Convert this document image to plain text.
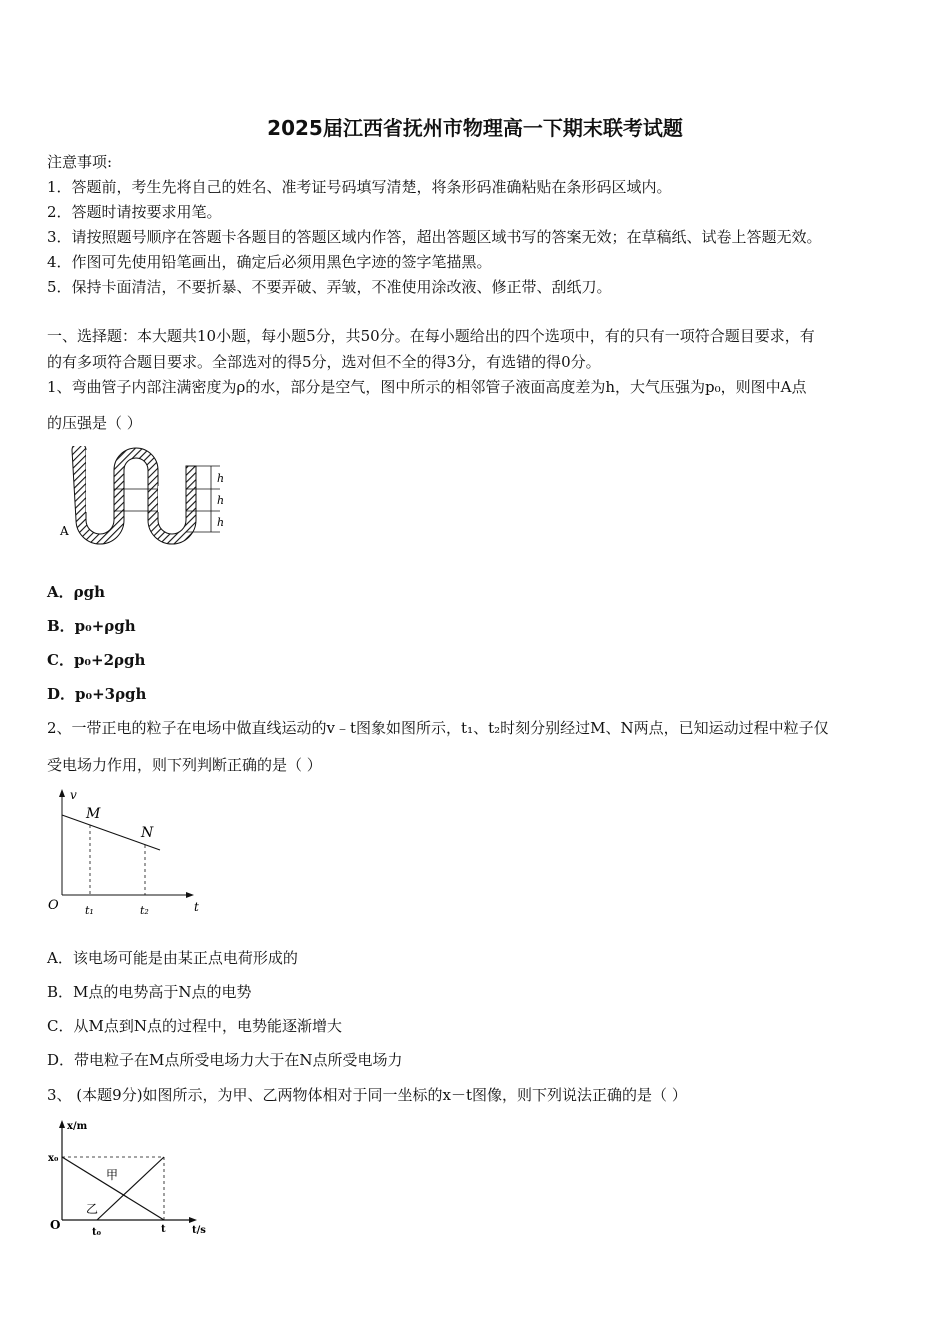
2025届江西省抚州市物理高一下期末联考试题
注意事项:
1．答题前，考生先将自己的姓名、准考证号码填写清楚，将条形码准确粘贴在条形码区域内。
2．答题时请按要求用笔。
3．请按照题号顺序在答题卡各题目的答题区域内作答，超出答题区域书写的答案无效；在草稿纸、试卷上答题无效。
4．作图可先使用铅笔画出，确定后必须用黑色字迹的签字笔描黑。
5．保持卡面清洁，不要折暴、不要弄破、弄皱，不准使用涂改液、修正带、刮纸刀。
一、选择题：本大题共10小题，每小题5分，共50分。在每小题给出的四个选项中，有的只有一项符合题目要求，有
的有多项符合题目要求。全部选对的得5分，选对但不全的得3分，有选错的得0分。
1、弯曲管子内部注满密度为ρ的水，部分是空气，图中所示的相邻管子液面高度差为h，大气压强为p₀，则图中A点
的压强是（ ）
h
h
h
A
A．ρgh
B．p₀+ρgh
C．p₀+2ρgh
D．p₀+3ρgh
2、一带正电的粒子在电场中做直线运动的v﹣t图象如图所示，t₁、t₂时刻分别经过M、N两点，已知运动过程中粒子仅
受电场力作用，则下列判断正确的是（ ）
v
t
O
M
N
t₁	t₂
A．该电场可能是由某正点电荷形成的
B．M点的电势高于N点的电势
C．从M点到N点的过程中，电势能逐渐增大
D．带电粒子在M点所受电场力大于在N点所受电场力
3、 (本题9分)如图所示，为甲、乙两物体相对于同一坐标的x－t图像，则下列说法正确的是（ ）
x/m
t/s
O
x₀
t₀	t
甲
乙
